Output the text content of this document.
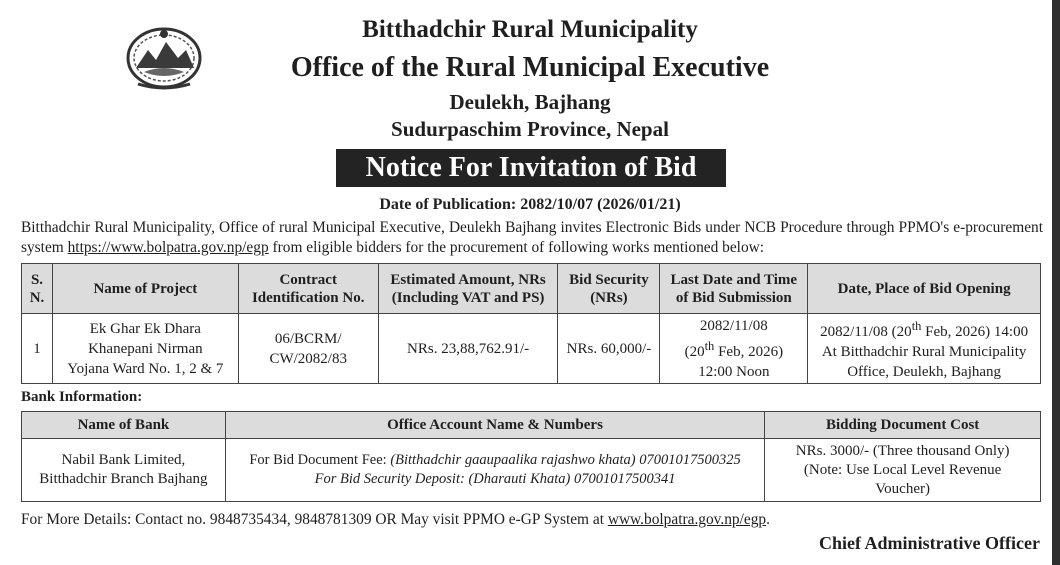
Bitthadchir Rural Municipality
Office of the Rural Municipal Executive
Deulekh, Bajhang
Sudurpaschim Province, Nepal
Notice For Invitation of Bid
Date of Publication: 2082/10/07 (2026/01/21)
Bitthadchir Rural Municipality, Office of rural Municipal Executive, Deulekh Bajhang invites Electronic Bids under NCB Procedure through PPMO's e-procurement system https://www.bolpatra.gov.np/egp from eligible bidders for the procurement of following works mentioned below:
S.
N.	Name of Project	Contract
Identification No.	Estimated Amount, NRs
(Including VAT and PS)	Bid Security
(NRs)	Last Date and Time
of Bid Submission	Date, Place of Bid Opening
1	Ek Ghar Ek Dhara
Khanepani Nirman
Yojana Ward No. 1, 2 & 7	06/BCRM/
CW/2082/83	NRs. 23,88,762.91/-	NRs. 60,000/-	2082/11/08
(20th Feb, 2026)
12:00 Noon	2082/11/08 (20th Feb, 2026) 14:00
At Bitthadchir Rural Municipality
Office, Deulekh, Bajhang
Bank Information:
Name of Bank	Office Account Name & Numbers	Bidding Document Cost
Nabil Bank Limited,
Bitthadchir Branch Bajhang	For Bid Document Fee: (Bitthadchir gaaupaalika rajashwo khata) 07001017500325
For Bid Security Deposit: (Dharauti Khata) 07001017500341	NRs. 3000/- (Three thousand Only)
(Note: Use Local Level Revenue
Voucher)
For More Details: Contact no. 9848735434, 9848781309 OR May visit PPMO e-GP System at www.bolpatra.gov.np/egp.
Chief Administrative Officer
